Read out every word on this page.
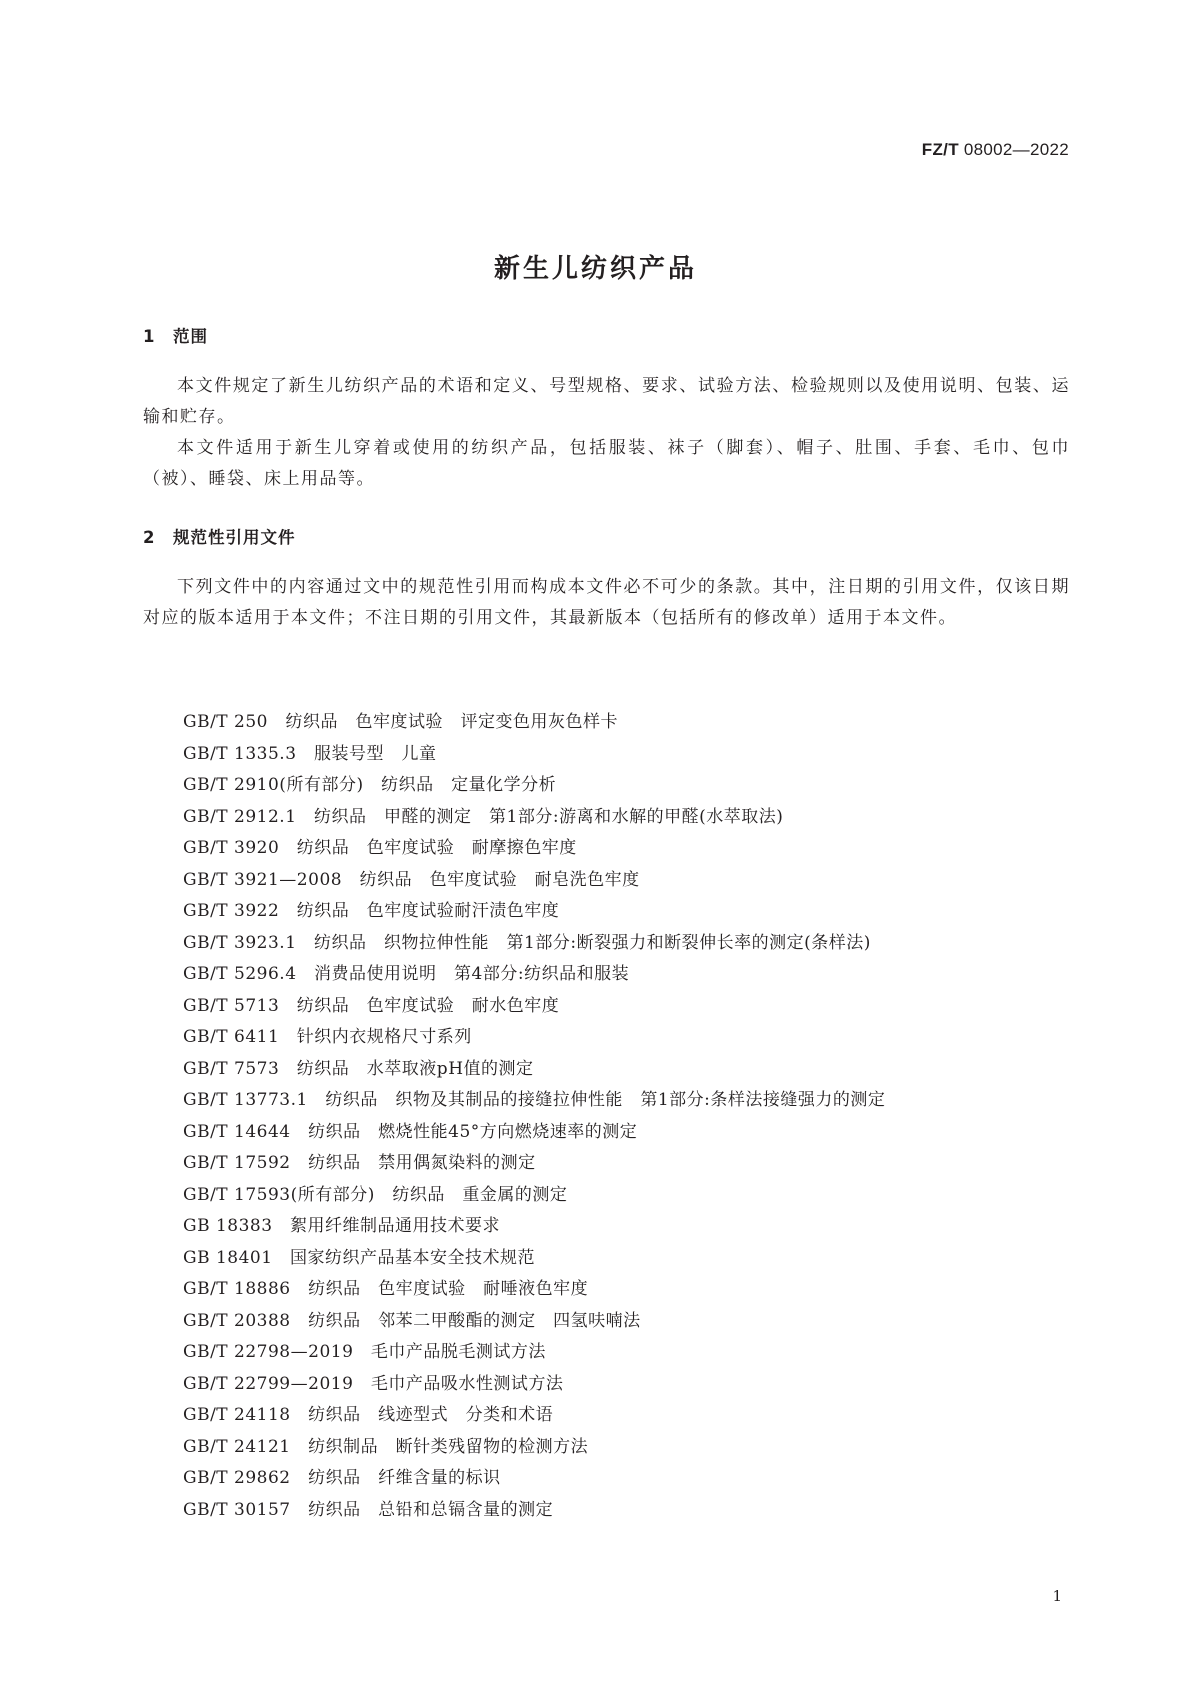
FZ/T 08002—2022
新生儿纺织产品
1 范围

本文件规定了新生儿纺织产品的术语和定义、号型规格、要求、试验方法、检验规则以及使用说明、包装、运输和贮存。

本文件适用于新生儿穿着或使用的纺织产品，包括服装、袜子（脚套）、帽子、肚围、手套、毛巾、包巾（被）、睡袋、床上用品等。

2 规范性引用文件

下列文件中的内容通过文中的规范性引用而构成本文件必不可少的条款。其中，注日期的引用文件，仅该日期对应的版本适用于本文件；不注日期的引用文件，其最新版本（包括所有的修改单）适用于本文件。

GB/T 250　纺织品　色牢度试验　评定变色用灰色样卡
GB/T 1335.3　服装号型　儿童
GB/T 2910(所有部分)　纺织品　定量化学分析
GB/T 2912.1　纺织品　甲醛的测定　第1部分:游离和水解的甲醛(水萃取法)
GB/T 3920　纺织品　色牢度试验　耐摩擦色牢度
GB/T 3921—2008　纺织品　色牢度试验　耐皂洗色牢度
GB/T 3922　纺织品　色牢度试验耐汗渍色牢度
GB/T 3923.1　纺织品　织物拉伸性能　第1部分:断裂强力和断裂伸长率的测定(条样法)
GB/T 5296.4　消费品使用说明　第4部分:纺织品和服装
GB/T 5713　纺织品　色牢度试验　耐水色牢度
GB/T 6411　针织内衣规格尺寸系列
GB/T 7573　纺织品　水萃取液pH值的测定
GB/T 13773.1　纺织品　织物及其制品的接缝拉伸性能　第1部分:条样法接缝强力的测定
GB/T 14644　纺织品　燃烧性能45°方向燃烧速率的测定
GB/T 17592　纺织品　禁用偶氮染料的测定
GB/T 17593(所有部分)　纺织品　重金属的测定
GB 18383　絮用纤维制品通用技术要求
GB 18401　国家纺织产品基本安全技术规范
GB/T 18886　纺织品　色牢度试验　耐唾液色牢度
GB/T 20388　纺织品　邻苯二甲酸酯的测定　四氢呋喃法
GB/T 22798—2019　毛巾产品脱毛测试方法
GB/T 22799—2019　毛巾产品吸水性测试方法
GB/T 24118　纺织品　线迹型式　分类和术语
GB/T 24121　纺织制品　断针类残留物的检测方法
GB/T 29862　纺织品　纤维含量的标识
GB/T 30157　纺织品　总铅和总镉含量的测定
1
